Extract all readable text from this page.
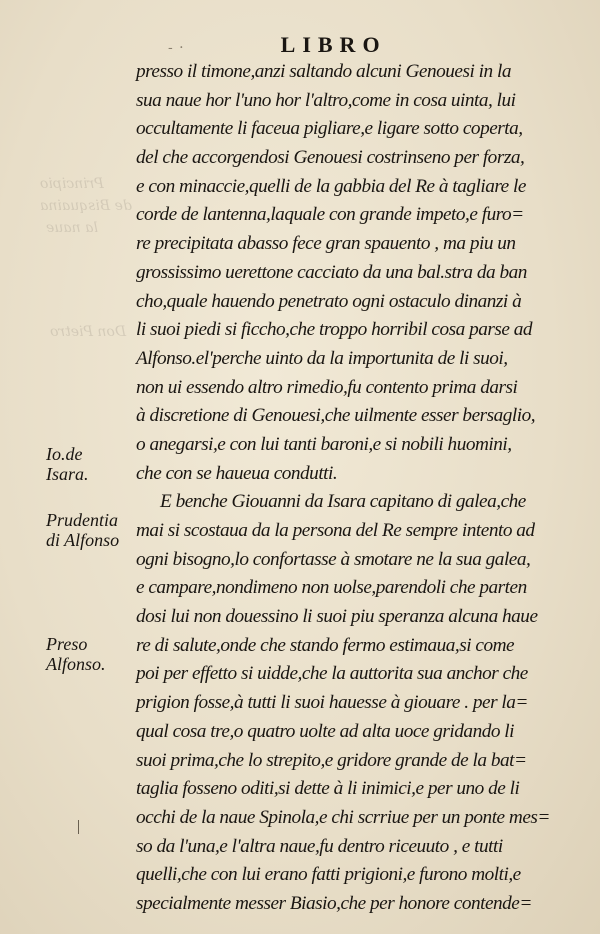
Principio
de Bisquaina
la naue
Don Pietro
- ·	LIBRO
presso il timone,anzi saltando alcuni Genouesi in la
sua naue hor l'uno hor l'altro,come in cosa uinta, lui
occultamente li faceua pigliare,e ligare sotto coperta,
del che accorgendosi Genouesi costrinseno per forza,
e con minaccie,quelli de la gabbia del Re à tagliare le
corde de lantenna,laquale con grande impeto,e furo=
re precipitata abasso fece gran spauento , ma piu un
grossissimo uerettone cacciato da una bal.stra da ban
cho,quale hauendo penetrato ogni ostaculo dinanzi à
li suoi piedi si ficcho,che troppo horribil cosa parse ad
Alfonso.el'perche uinto da la importunita de li suoi,
non ui essendo altro rimedio,fu contento prima darsi
à discretione di Genouesi,che uilmente esser bersaglio,
o anegarsi,e con lui tanti baroni,e si nobili huomini,
che con se haueua condutti.
E benche Giouanni da Isara capitano di galea,che
mai si scostaua da la persona del Re sempre intento ad
ogni bisogno,lo confortasse à smotare ne la sua galea,
e campare,nondimeno non uolse,parendoli che parten
dosi lui non douessino li suoi piu speranza alcuna haue
re di salute,onde che stando fermo estimaua,si come
poi per effetto si uidde,che la auttorita sua anchor che
prigion fosse,à tutti li suoi hauesse à giouare . per la=
qual cosa tre,o quatro uolte ad alta uoce gridando li
suoi prima,che lo strepito,e gridore grande de la bat=
taglia fosseno oditi,si dette à li inimici,e per uno de li
occhi de la naue Spinola,e chi scrriue per un ponte mes=
so da l'una,e l'altra naue,fu dentro riceuuto , e tutti
quelli,che con lui erano fatti prigioni,e furono molti,e
specialmente messer Biasio,che per honore contende=
Io.de
Isara.
Prudentia
di Alfonso
Preso
Alfonso.
